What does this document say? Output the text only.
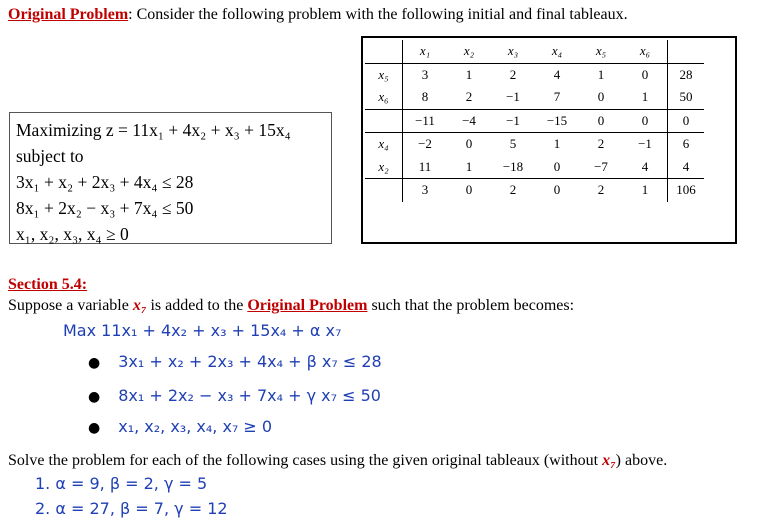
Original Problem: Consider the following problem with the following initial and final tableaux.
Maximizing z = 11x₁ + 4x₂ + x₃ + 15x₄
subject to
3x₁ + x₂ + 2x₃ + 4x₄ ≤ 28
8x₁ + 2x₂ − x₃ + 7x₄ ≤ 50
x₁, x₂, x₃, x₄ ≥ 0
	x₁	x₂	x₃	x₄	x₅	x₆	
x₅	3	1	2	4	1	0	28
x₆	8	2	−1	7	0	1	50
	−11	−4	−1	−15	0	0	0
x₄	−2	0	5	1	2	−1	6
x₂	11	1	−18	0	−7	4	4
	3	0	2	0	2	1	106
Section 5.4:
Suppose a variable x₇ is added to the Original Problem such that the problem becomes:
Max 11x₁ + 4x₂ + x₃ + 15x₄ + α x₇
● 3x₁ + x₂ + 2x₃ + 4x₄ + β x₇ ≤ 28
● 8x₁ + 2x₂ − x₃ + 7x₄ + γ x₇ ≤ 50
● x₁, x₂, x₃, x₄, x₇ ≥ 0
Solve the problem for each of the following cases using the given original tableaux (without x₇) above.
1. α = 9, β = 2, γ = 5
2. α = 27, β = 7, γ = 12
